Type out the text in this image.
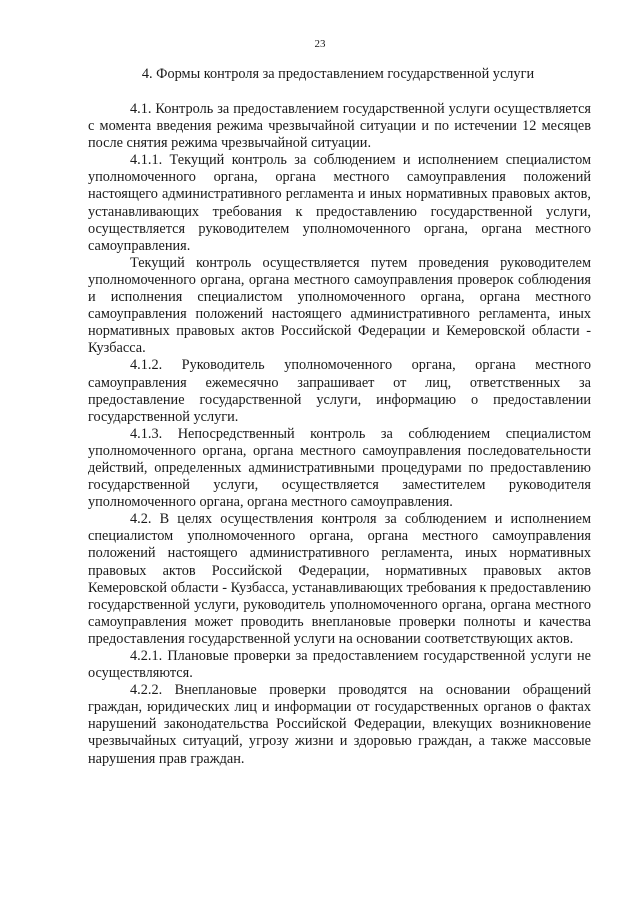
23
4. Формы контроля за предоставлением государственной услуги

4.1. Контроль за предоставлением государственной услуги осуществляется с момента введения режима чрезвычайной ситуации и по истечении 12 месяцев после снятия режима чрезвычайной ситуации.

4.1.1. Текущий контроль за соблюдением и исполнением специалистом уполномоченного органа, органа местного самоуправления положений настоящего административного регламента и иных нормативных правовых актов, устанавливающих требования к предоставлению государственной услуги, осуществляется руководителем уполномоченного органа, органа местного самоуправления.

Текущий контроль осуществляется путем проведения руководителем уполномоченного органа, органа местного самоуправления проверок соблюдения и исполнения специалистом уполномоченного органа, органа местного самоуправления положений настоящего административного регламента, иных нормативных правовых актов Российской Федерации и Кемеровской области - Кузбасса.

4.1.2. Руководитель уполномоченного органа, органа местного самоуправления ежемесячно запрашивает от лиц, ответственных за предоставление государственной услуги, информацию о предоставлении государственной услуги.

4.1.3. Непосредственный контроль за соблюдением специалистом уполномоченного органа, органа местного самоуправления последовательности действий, определенных административными процедурами по предоставлению государственной услуги, осуществляется заместителем руководителя уполномоченного органа, органа местного самоуправления.

4.2. В целях осуществления контроля за соблюдением и исполнением специалистом уполномоченного органа, органа местного самоуправления положений настоящего административного регламента, иных нормативных правовых актов Российской Федерации, нормативных правовых актов Кемеровской области - Кузбасса, устанавливающих требования к предоставлению государственной услуги, руководитель уполномоченного органа, органа местного самоуправления может проводить внеплановые проверки полноты и качества предоставления государственной услуги на основании соответствующих актов.

4.2.1. Плановые проверки за предоставлением государственной услуги не осуществляются.

4.2.2. Внеплановые проверки проводятся на основании обращений граждан, юридических лиц и информации от государственных органов о фактах нарушений законодательства Российской Федерации, влекущих возникновение чрезвычайных ситуаций, угрозу жизни и здоровью граждан, а также массовые нарушения прав граждан.
